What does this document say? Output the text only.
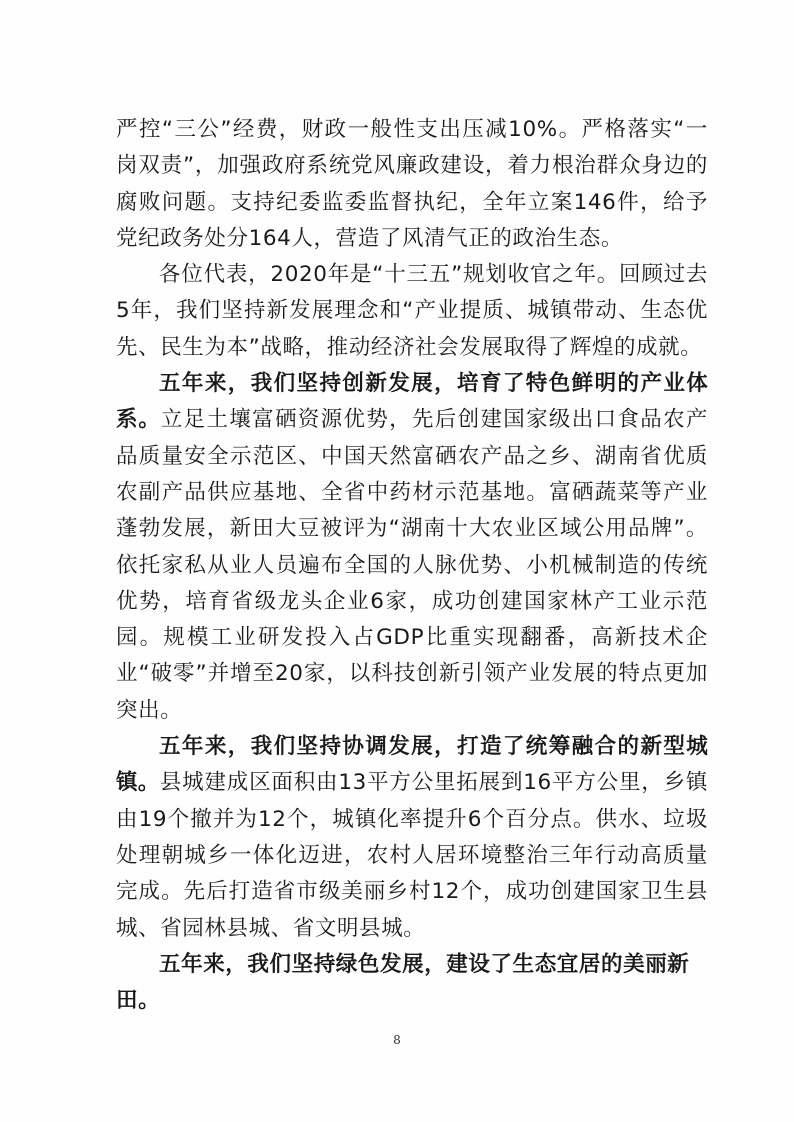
严控“三公”经费，财政一般性支出压减10%。严格落实“一岗双责”，加强政府系统党风廉政建设，着力根治群众身边的腐败问题。支持纪委监委监督执纪，全年立案146件，给予党纪政务处分164人，营造了风清气正的政治生态。

各位代表，2020年是“十三五”规划收官之年。回顾过去5年，我们坚持新发展理念和“产业提质、城镇带动、生态优先、民生为本”战略，推动经济社会发展取得了辉煌的成就。

五年来，我们坚持创新发展，培育了特色鲜明的产业体系。立足土壤富硒资源优势，先后创建国家级出口食品农产品质量安全示范区、中国天然富硒农产品之乡、湖南省优质农副产品供应基地、全省中药材示范基地。富硒蔬菜等产业蓬勃发展，新田大豆被评为“湖南十大农业区域公用品牌”。依托家私从业人员遍布全国的人脉优势、小机械制造的传统优势，培育省级龙头企业6家，成功创建国家林产工业示范园。规模工业研发投入占GDP比重实现翻番，高新技术企业“破零”并增至20家，以科技创新引领产业发展的特点更加突出。

五年来，我们坚持协调发展，打造了统筹融合的新型城镇。县城建成区面积由13平方公里拓展到16平方公里，乡镇由19个撤并为12个，城镇化率提升6个百分点。供水、垃圾处理朝城乡一体化迈进，农村人居环境整治三年行动高质量完成。先后打造省市级美丽乡村12个，成功创建国家卫生县城、省园林县城、省文明县城。

五年来，我们坚持绿色发展，建设了生态宜居的美丽新田。

8
